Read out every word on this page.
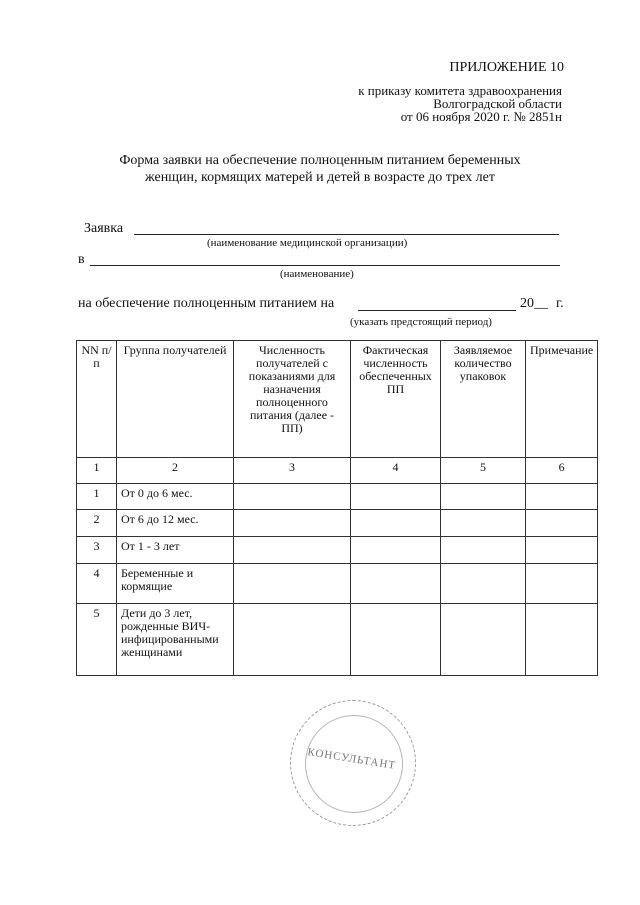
ПРИЛОЖЕНИЕ 10
к приказу комитета здравоохранения
Волгоградской области
от 06 ноября 2020 г. № 2851н
Форма заявки на обеспечение полноценным питанием беременных
женщин, кормящих матерей и детей в возрасте до трех лет
Заявка
(наименование медицинской организации)
в
(наименование)
на обеспечение полноценным питанием на	20__ г.
(указать предстоящий период)
NN п/п	Группа получателей	Численность получателей с показаниями для назначения полноценного питания (далее - ПП)	Фактическая численность обеспеченных ПП	Заявляемое количество упаковок	Примечание
1	2	3	4	5	6
1	От 0 до 6 мес.				
2	От 6 до 12 мес.				
3	От 1 - 3 лет				
4	Беременные и кормящие				
5	Дети до 3 лет, рожденные ВИЧ-инфицированными женщинами				
КОНСУЛЬТАНТ
